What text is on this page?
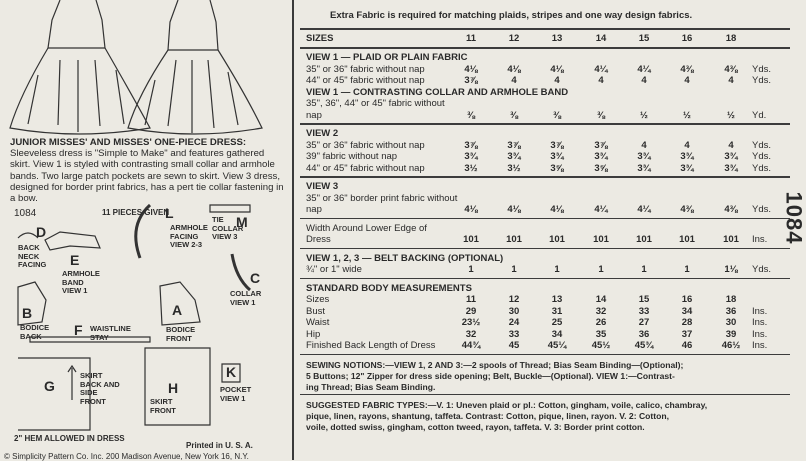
JUNIOR MISSES' AND MISSES' ONE-PIECE DRESS: Sleeveless dress is "Simple to Make" and features gathered skirt. View 1 is styled with contrasting small collar and armhole bands. Two large patch pockets are sewn to skirt. View 3 dress, designed for border print fabrics, has a pert tie collar fastening in a bow.
1084	11 PIECES GIVEN
D
BACK NECK FACING	E
ARMHOLE BAND VIEW 1
L
ARMHOLE FACING VIEW 2-3
M
TIE COLLAR VIEW 3
C
COLLAR VIEW 1
B
BODICE BACK	F WAISTLINE STAY
A
BODICE FRONT
G
SKIRT BACK AND SIDE FRONT
H
SKIRT FRONT
K
POCKET VIEW 1
2" HEM ALLOWED IN DRESS
Printed in U. S. A.
© Simplicity Pattern Co. Inc. 200 Madison Avenue, New York 16, N.Y.
Extra Fabric is required for matching plaids, stripes and one way design fabrics.
SIZES	11	12	13	14	15	16	18
VIEW 1 — PLAID OR PLAIN FABRIC
35" or 36" fabric without nap	4⅛	4⅛	4⅛	4¼	4¼	4⅜	4⅜	Yds.
44" or 45" fabric without nap	3⅞	4	4	4	4	4	4	Yds.
VIEW 1 — CONTRASTING COLLAR AND ARMHOLE BAND
35", 36", 44" or 45" fabric without
nap	⅜	⅜	⅜	⅜	½	½	½	Yd.
VIEW 2
35" or 36" fabric without nap	3⅞	3⅞	3⅞	3⅞	4	4	4	Yds.
39" fabric without nap	3¾	3¾	3¾	3¾	3¾	3¾	3¾	Yds.
44" or 45" fabric without nap	3½	3½	3⅝	3⅝	3¾	3¾	3¾	Yds.
VIEW 3
35" or 36" border print fabric without
nap	4⅛	4⅛	4⅛	4¼	4¼	4⅜	4⅜	Yds.
Width Around Lower Edge of
Dress	101	101	101	101	101	101	101	Ins.
VIEW 1, 2, 3 — BELT BACKING (OPTIONAL)
¾" or 1" wide	1	1	1	1	1	1	1⅛	Yds.
STANDARD BODY MEASUREMENTS
Sizes	11	12	13	14	15	16	18
Bust	29	30	31	32	33	34	36	Ins.
Waist	23½	24	25	26	27	28	30	Ins.
Hip	32	33	34	35	36	37	39	Ins.
Finished Back Length of Dress	44¾	45	45¼	45½	45¾	46	46½	Ins.
SEWING NOTIONS:—VIEW 1, 2 AND 3:—2 spools of Thread; Bias Seam Binding—(Optional);
5 Buttons; 12" Zipper for dress side opening; Belt, Buckle—(Optional). VIEW 1:—Contrast-
ing Thread; Bias Seam Binding.
SUGGESTED FABRIC TYPES:—V. 1: Uneven plaid or pl.: Cotton, gingham, voile, calico, chambray,
pique, linen, rayons, shantung, taffeta. Contrast: Cotton, pique, linen, rayon. V. 2: Cotton,
voile, dotted swiss, gingham, cotton tweed, rayon, taffeta. V. 3: Border print cotton.
1084
